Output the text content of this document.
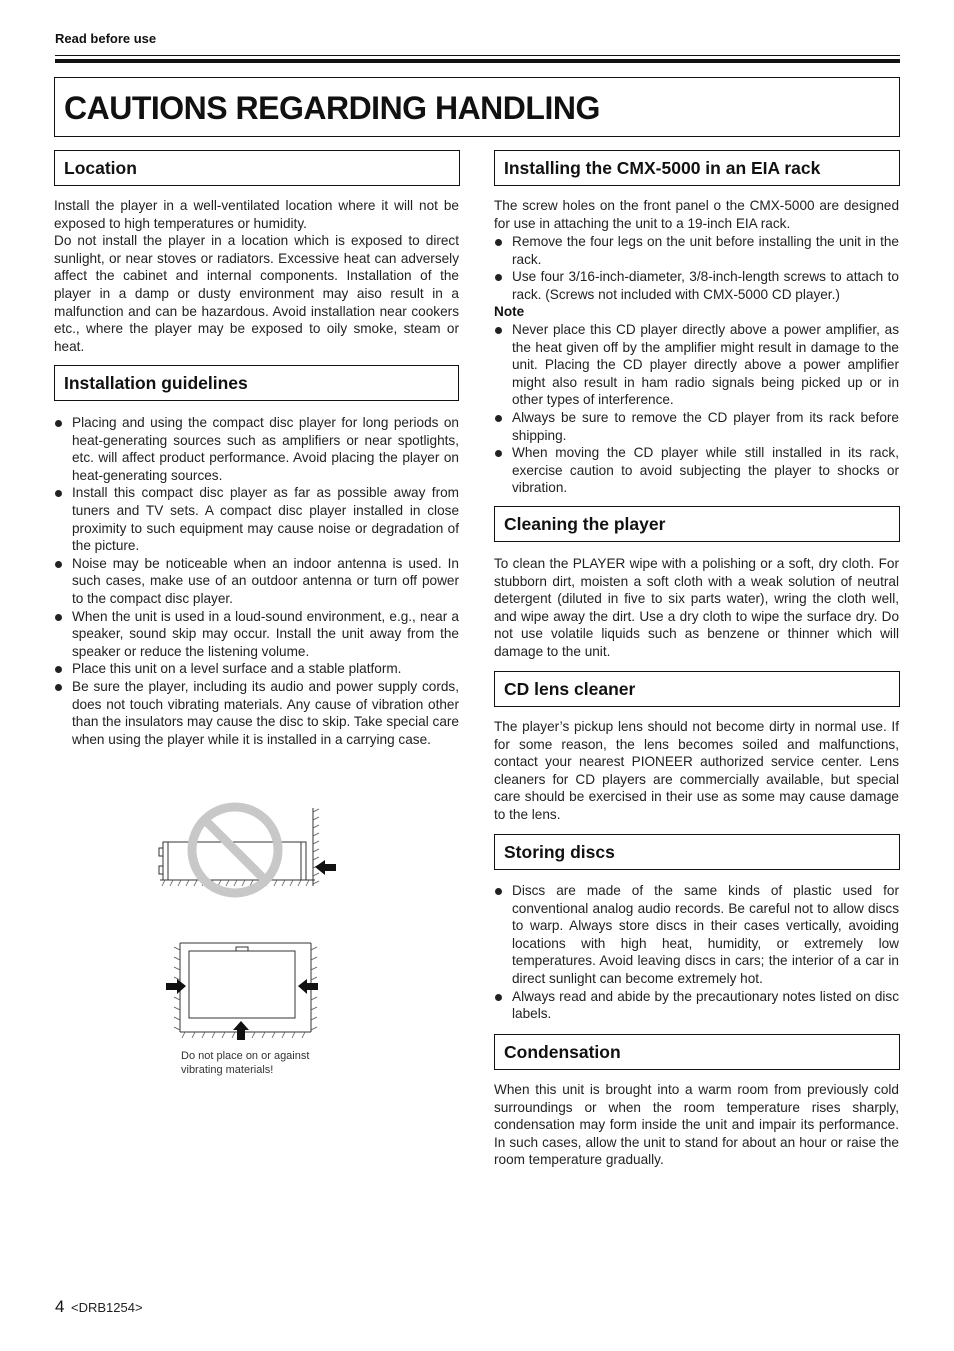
Read before use
CAUTIONS REGARDING HANDLING
Location

Install the player in a well-ventilated location where it will not be exposed to high temperatures or humidity.

Do not install the player in a location which is exposed to direct sunlight, or near stoves or radiators. Excessive heat can adversely affect the cabinet and internal components. Installation of the player in a damp or dusty environment may aiso result in a malfunction and can be hazardous. Avoid installation near cookers etc., where the player may be exposed to oily smoke, steam or heat.

Installation guidelines
Placing and using the compact disc player for long periods on heat-generating sources such as amplifiers or near spotlights, etc. will affect product performance. Avoid placing the player on heat-generating sources.
Install this compact disc player as far as possible away from tuners and TV sets. A compact disc player installed in close proximity to such equipment may cause noise or degradation of the picture.
Noise may be noticeable when an indoor antenna is used. In such cases, make use of an outdoor antenna or turn off power to the compact disc player.
When the unit is used in a loud-sound environment, e.g., near a speaker, sound skip may occur. Install the unit away from the speaker or reduce the listening volume.
Place this unit on a level surface and a stable platform.
Be sure the player, including its audio and power supply cords, does not touch vibrating materials. Any cause of vibration other than the insulators may cause the disc to skip. Take special care when using the player while it is installed in a carrying case.
Do not place on or against
vibrating materials!
Installing the CMX-5000 in an EIA rack
The screw holes on the front panel o the CMX-5000 are designed for use in attaching the unit to a 19-inch EIA rack.
Remove the four legs on the unit before installing the unit in the rack.
Use four 3/16-inch-diameter, 3/8-inch-length screws to attach to rack. (Screws not included with CMX-5000 CD player.)
Note
Never place this CD player directly above a power amplifier, as the heat given off by the amplifier might result in damage to the unit. Placing the CD player directly above a power amplifier might also result in ham radio signals being picked up or in other types of interference.
Always be sure to remove the CD player from its rack before shipping.
When moving the CD player while still installed in its rack, exercise caution to avoid subjecting the player to shocks or vibration.
Cleaning the player
To clean the PLAYER wipe with a polishing or a soft, dry cloth. For stubborn dirt, moisten a soft cloth with a weak solution of neutral detergent (diluted in five to six parts water), wring the cloth well, and wipe away the dirt. Use a dry cloth to wipe the surface dry. Do not use volatile liquids such as benzene or thinner which will damage to the unit.
CD lens cleaner
The player’s pickup lens should not become dirty in normal use. If for some reason, the lens becomes soiled and malfunctions, contact your nearest PIONEER authorized service center. Lens cleaners for CD players are commercially available, but special care should be exercised in their use as some may cause damage to the lens.
Storing discs
Discs are made of the same kinds of plastic used for conventional analog audio records. Be careful not to allow discs to warp. Always store discs in their cases vertically, avoiding locations with high heat, humidity, or extremely low temperatures. Avoid leaving discs in cars; the interior of a car in direct sunlight can become extremely hot.
Always read and abide by the precautionary notes listed on disc labels.
Condensation
When this unit is brought into a warm room from previously cold surroundings or when the room temperature rises sharply, condensation may form inside the unit and impair its performance. In such cases, allow the unit to stand for about an hour or raise the room temperature gradually.
4 <DRB1254>
